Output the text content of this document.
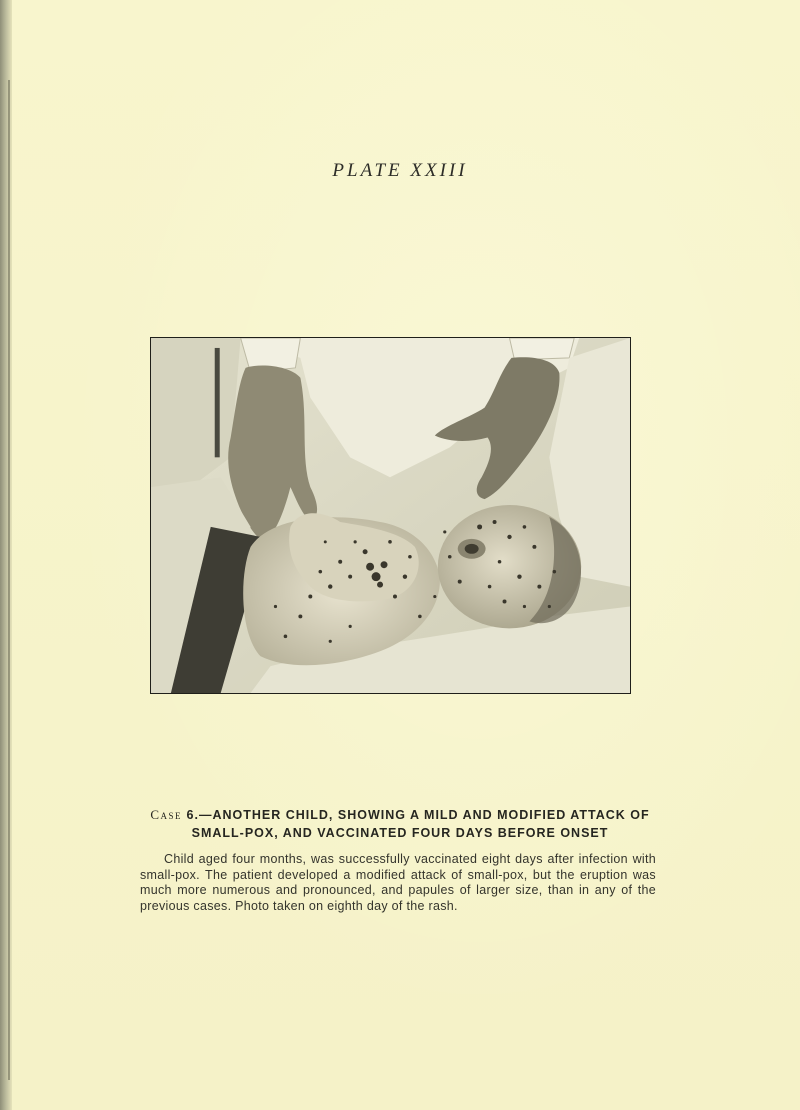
PLATE XXIII
Case 6.—ANOTHER CHILD, SHOWING A MILD AND MODIFIED ATTACK OF SMALL-POX, AND VACCINATED FOUR DAYS BEFORE ONSET
Child aged four months, was successfully vaccinated eight days after infection with small-pox. The patient developed a modified attack of small-pox, but the eruption was much more numerous and pronounced, and papules of larger size, than in any of the previous cases. Photo taken on eighth day of the rash.
